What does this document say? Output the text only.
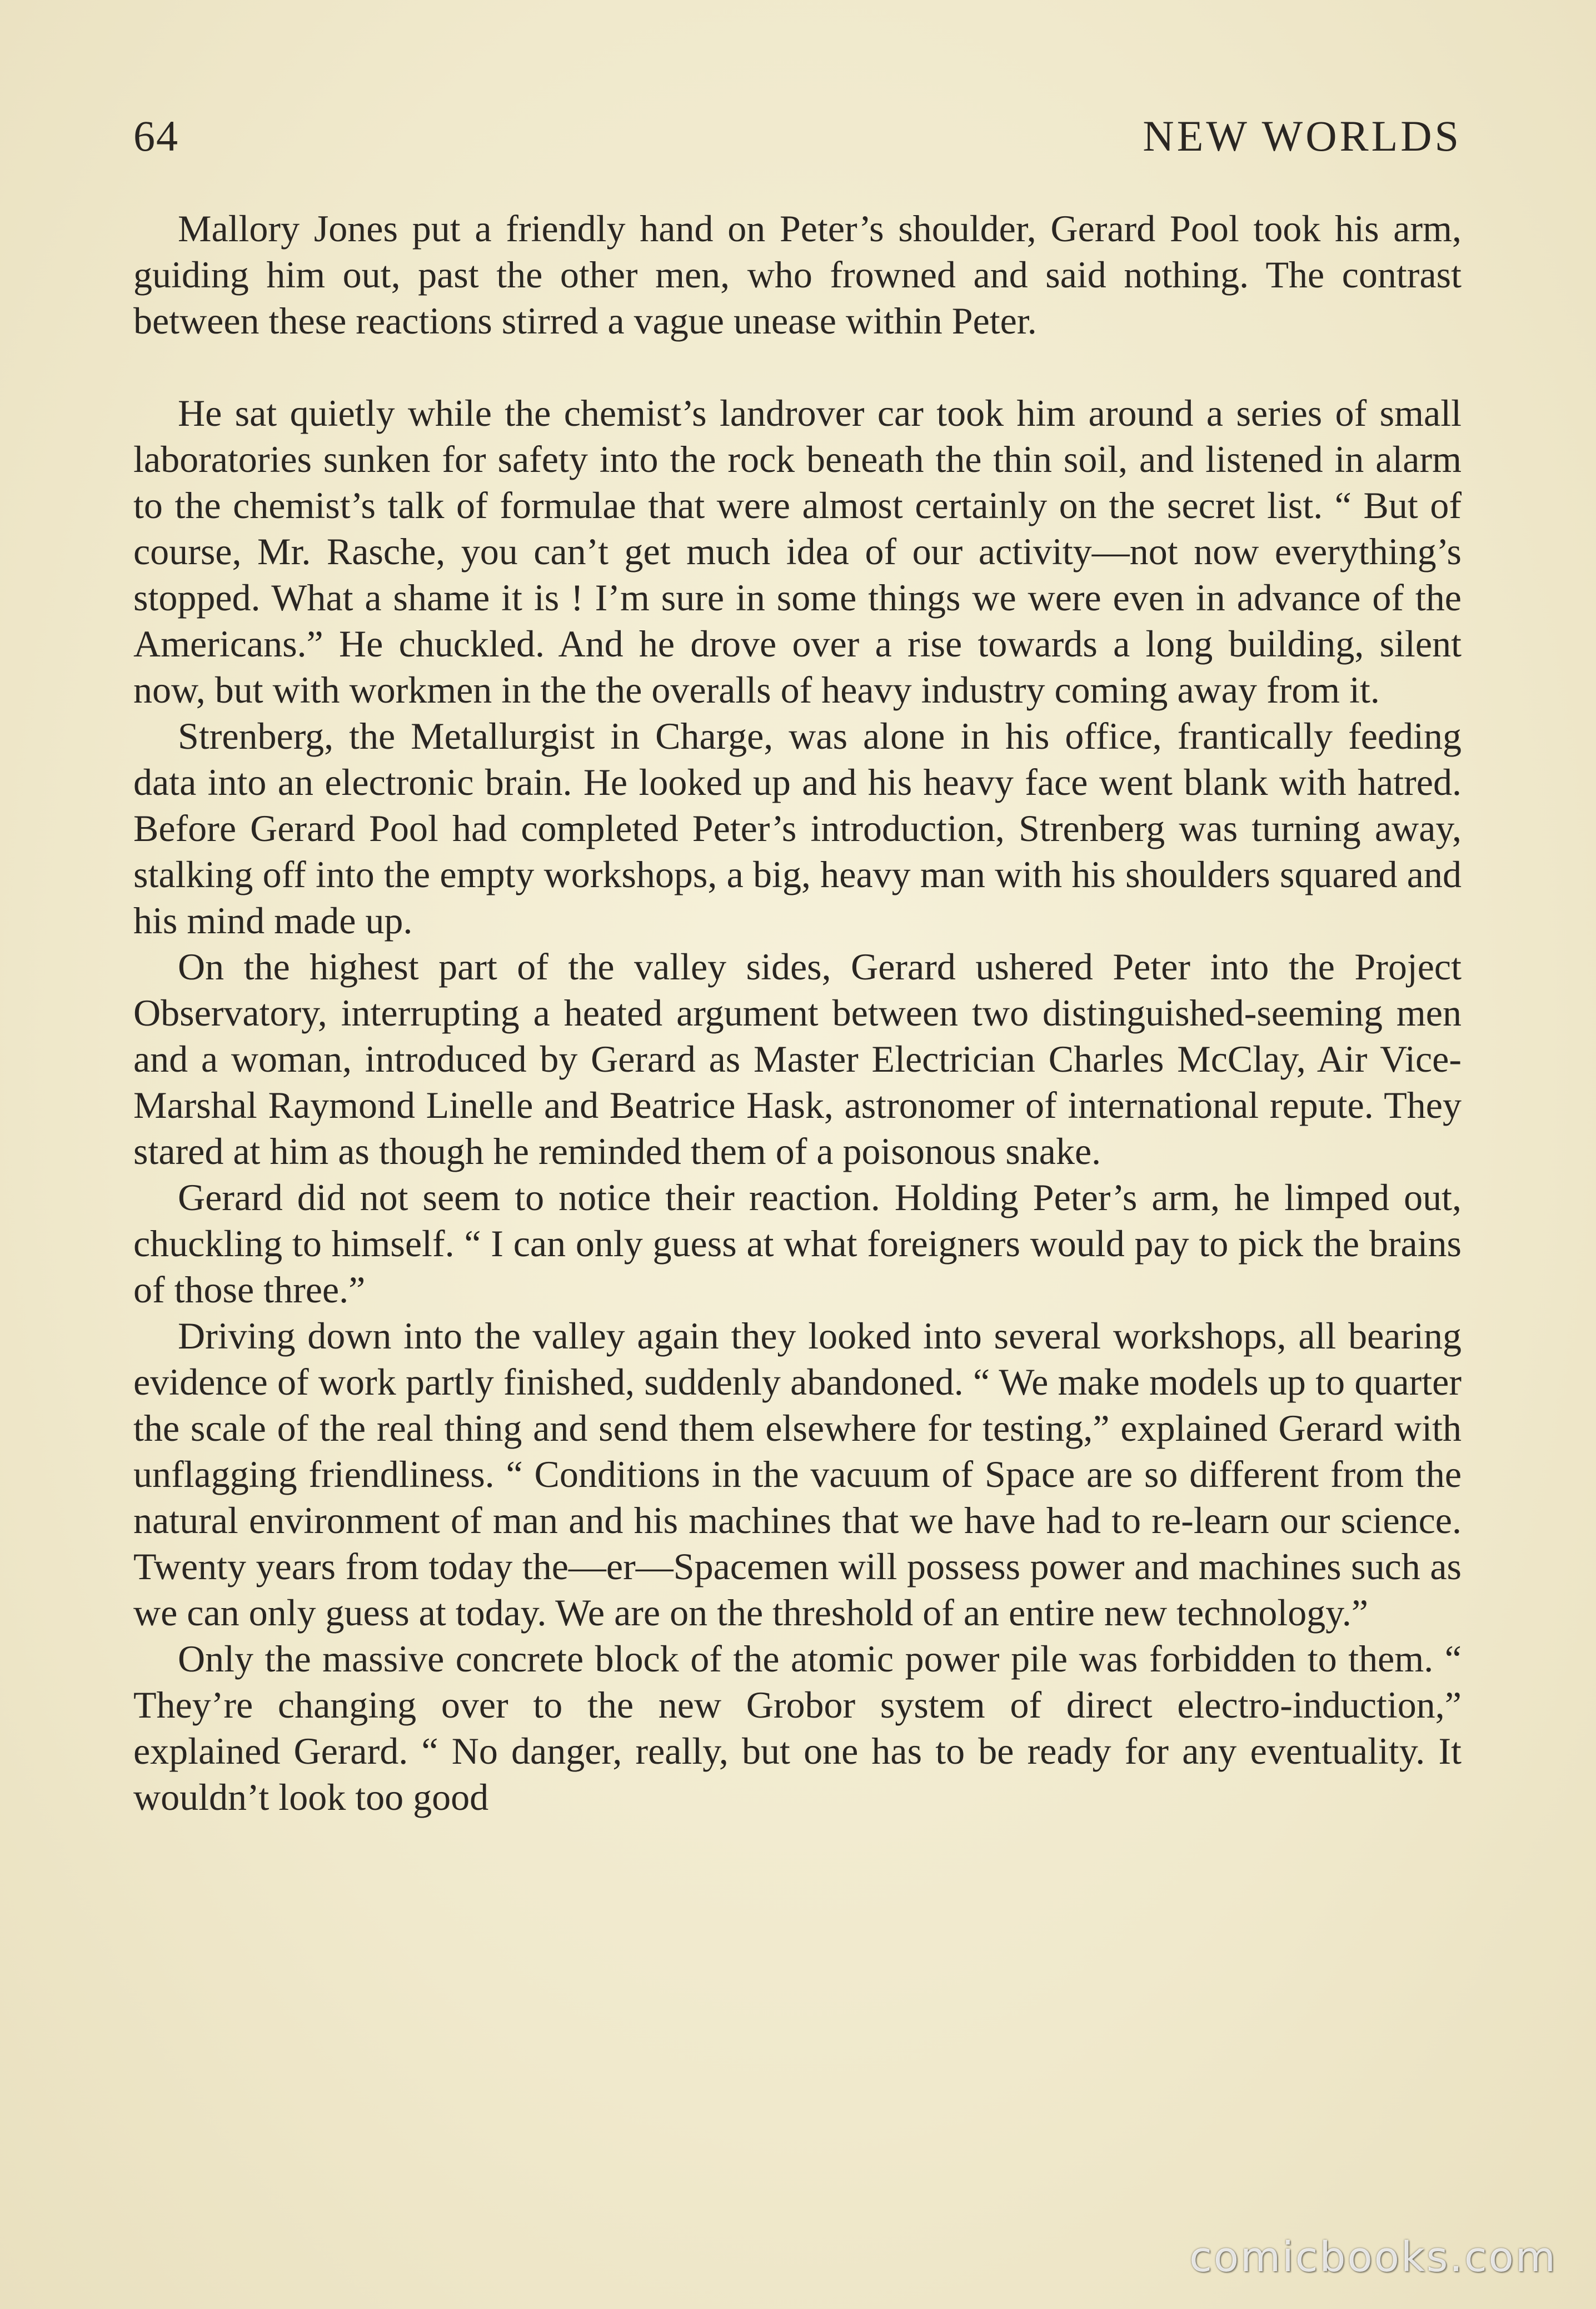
64	NEW WORLDS

Mallory Jones put a friendly hand on Peter’s shoulder, Gerard Pool took his arm, guiding him out, past the other men, who frowned and said nothing. The contrast between these reactions stirred a vague unease within Peter.

He sat quietly while the chemist’s landrover car took him around a series of small laboratories sunken for safety into the rock beneath the thin soil, and listened in alarm to the chemist’s talk of formulae that were almost certainly on the secret list. “ But of course, Mr. Rasche, you can’t get much idea of our activity—not now everything’s stopped. What a shame it is ! I’m sure in some things we were even in advance of the Americans.” He chuckled. And he drove over a rise towards a long building, silent now, but with workmen in the the overalls of heavy industry coming away from it.

Strenberg, the Metallurgist in Charge, was alone in his office, frantically feeding data into an electronic brain. He looked up and his heavy face went blank with hatred. Before Gerard Pool had completed Peter’s introduction, Strenberg was turning away, stalking off into the empty workshops, a big, heavy man with his shoulders squared and his mind made up.

On the highest part of the valley sides, Gerard ushered Peter into the Project Observatory, interrupting a heated argument between two distinguished-seeming men and a woman, introduced by Gerard as Master Electrician Charles McClay, Air Vice-Marshal Raymond Linelle and Beatrice Hask, astronomer of international repute. They stared at him as though he reminded them of a poisonous snake.

Gerard did not seem to notice their reaction. Holding Peter’s arm, he limped out, chuckling to himself. “ I can only guess at what foreigners would pay to pick the brains of those three.”

Driving down into the valley again they looked into several workshops, all bearing evidence of work partly finished, suddenly abandoned. “ We make models up to quarter the scale of the real thing and send them elsewhere for testing,” explained Gerard with unflagging friendliness. “ Conditions in the vacuum of Space are so different from the natural environment of man and his machines that we have had to re-learn our science. Twenty years from today the—er—Spacemen will possess power and machines such as we can only guess at today. We are on the threshold of an entire new technology.”

Only the massive concrete block of the atomic power pile was forbidden to them. “ They’re changing over to the new Grobor system of direct electro-induction,” explained Gerard. “ No danger, really, but one has to be ready for any eventuality. It wouldn’t look too good

comicbooks.com
